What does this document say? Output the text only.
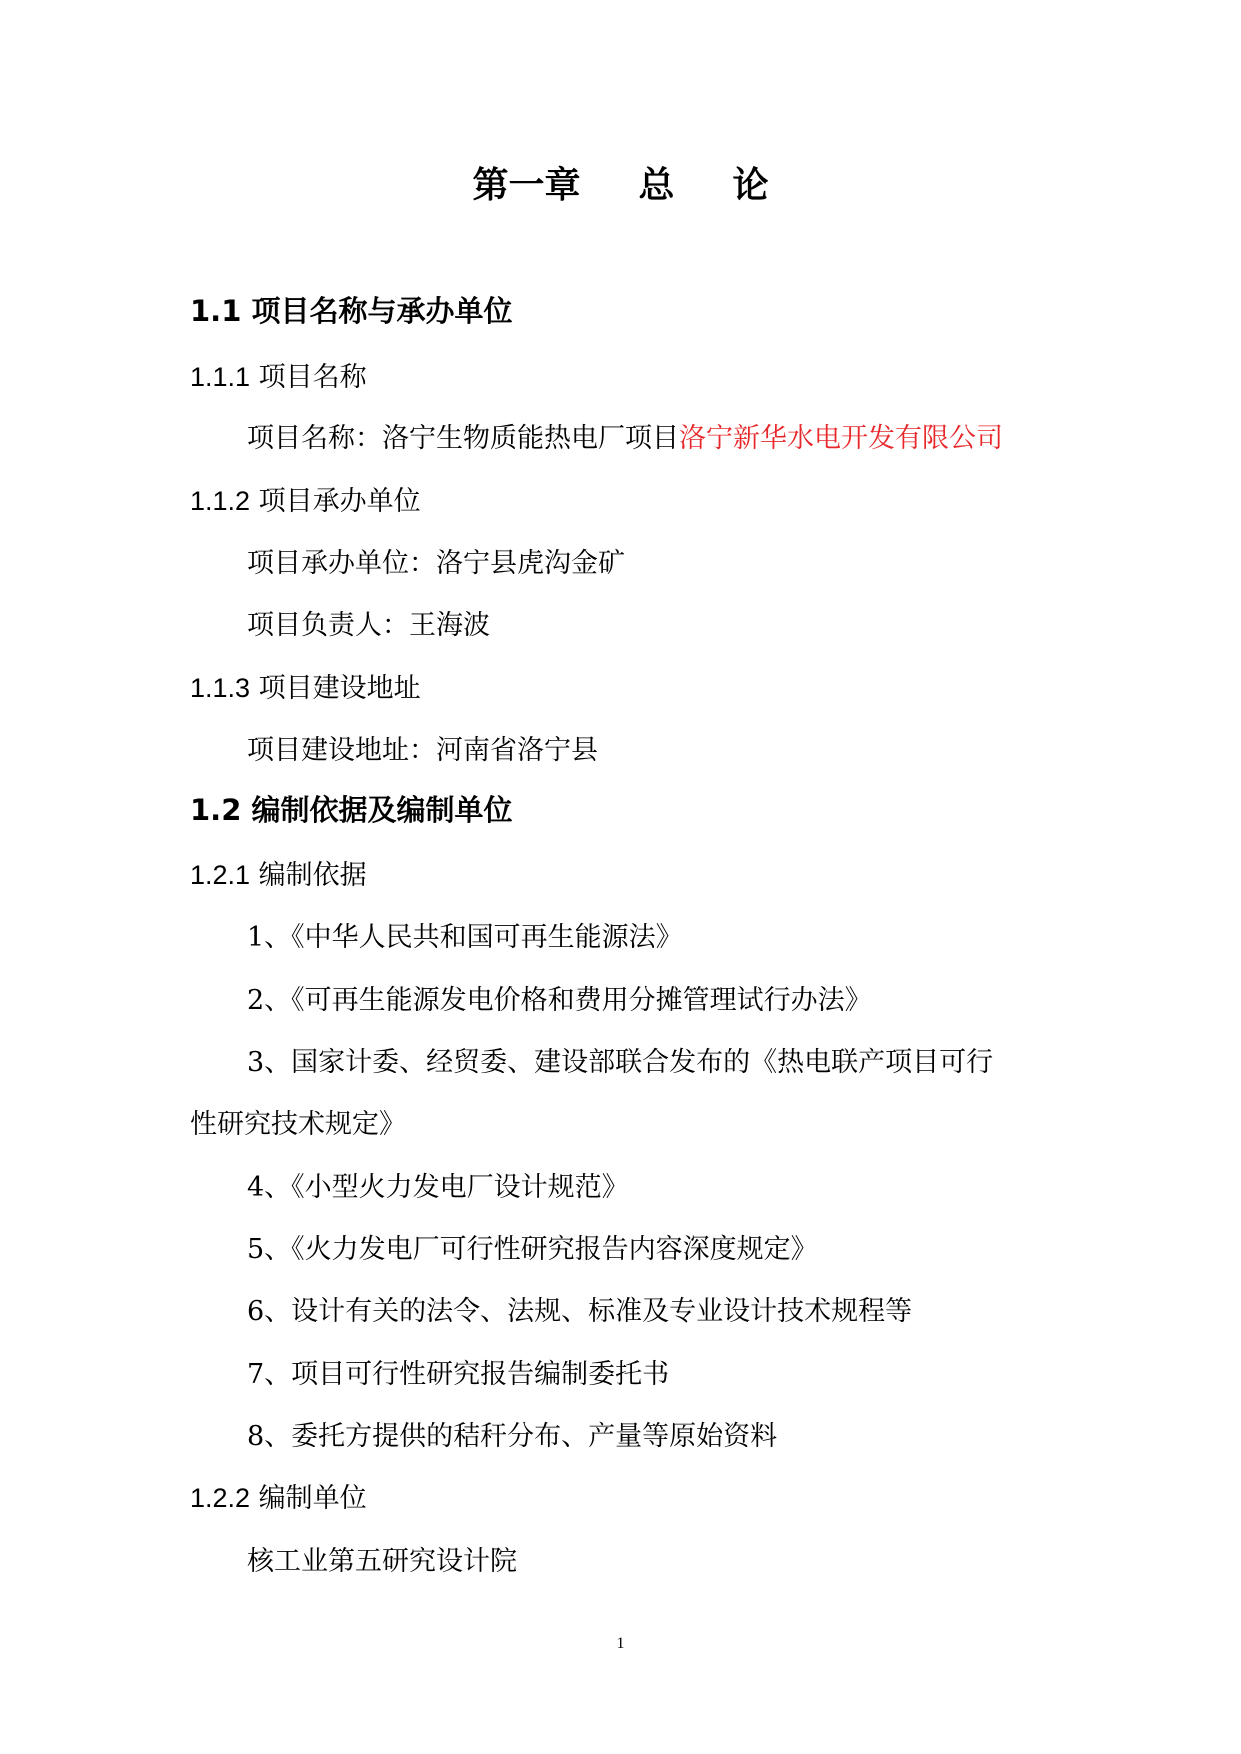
第一章 总 论
1.1 项目名称与承办单位
1.1.1 项目名称
项目名称：洛宁生物质能热电厂项目洛宁新华水电开发有限公司
1.1.2 项目承办单位
项目承办单位：洛宁县虎沟金矿
项目负责人：王海波
1.1.3 项目建设地址
项目建设地址：河南省洛宁县
1.2 编制依据及编制单位
1.2.1 编制依据
1、《中华人民共和国可再生能源法》
2、《可再生能源发电价格和费用分摊管理试行办法》
3、国家计委、经贸委、建设部联合发布的《热电联产项目可行
性研究技术规定》
4、《小型火力发电厂设计规范》
5、《火力发电厂可行性研究报告内容深度规定》
6、设计有关的法令、法规、标准及专业设计技术规程等
7、项目可行性研究报告编制委托书
8、委托方提供的秸秆分布、产量等原始资料
1.2.2 编制单位
核工业第五研究设计院
1
